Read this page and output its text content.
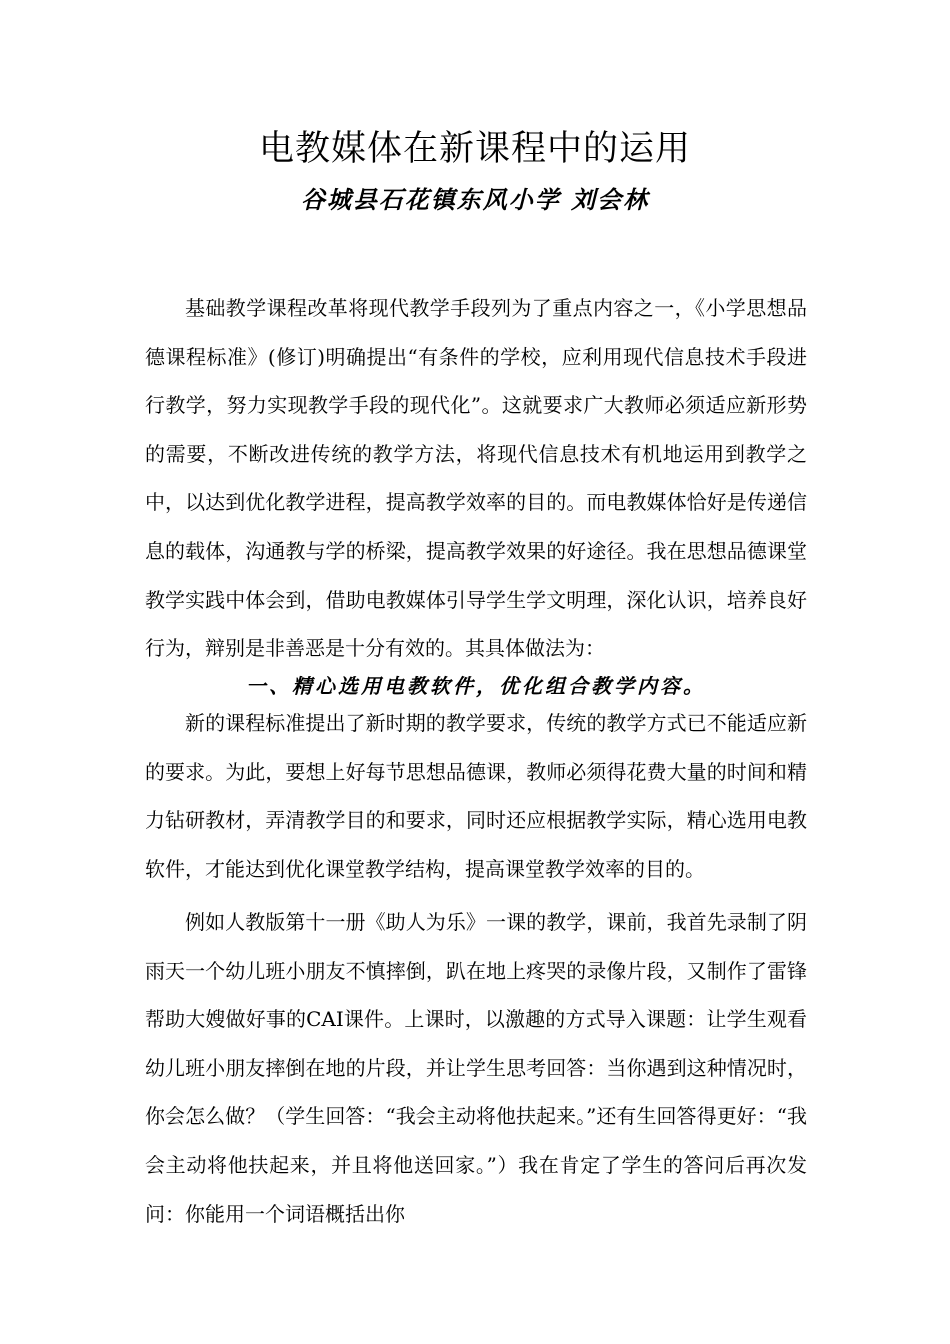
电教媒体在新课程中的运用

谷城县石花镇东风小学 刘会林

基础教学课程改革将现代教学手段列为了重点内容之一，《小学思想品德课程标准》(修订)明确提出“有条件的学校，应利用现代信息技术手段进行教学，努力实现教学手段的现代化”。这就要求广大教师必须适应新形势的需要，不断改进传统的教学方法，将现代信息技术有机地运用到教学之中，以达到优化教学进程，提高教学效率的目的。而电教媒体恰好是传递信息的载体，沟通教与学的桥梁，提高教学效果的好途径。我在思想品德课堂教学实践中体会到，借助电教媒体引导学生学文明理，深化认识，培养良好行为，辩别是非善恶是十分有效的。其具体做法为：

一、精心选用电教软件，优化组合教学内容。

新的课程标准提出了新时期的教学要求，传统的教学方式已不能适应新的要求。为此，要想上好每节思想品德课，教师必须得花费大量的时间和精力钻研教材，弄清教学目的和要求，同时还应根据教学实际，精心选用电教软件，才能达到优化课堂教学结构，提高课堂教学效率的目的。

例如人教版第十一册《助人为乐》一课的教学，课前，我首先录制了阴雨天一个幼儿班小朋友不慎摔倒，趴在地上疼哭的录像片段，又制作了雷锋帮助大嫂做好事的CAI课件。上课时，以激趣的方式导入课题：让学生观看幼儿班小朋友摔倒在地的片段，并让学生思考回答：当你遇到这种情况时，你会怎么做？（学生回答：“我会主动将他扶起来。”还有生回答得更好：“我会主动将他扶起来，并且将他送回家。”）我在肯定了学生的答问后再次发问：你能用一个词语概括出你
